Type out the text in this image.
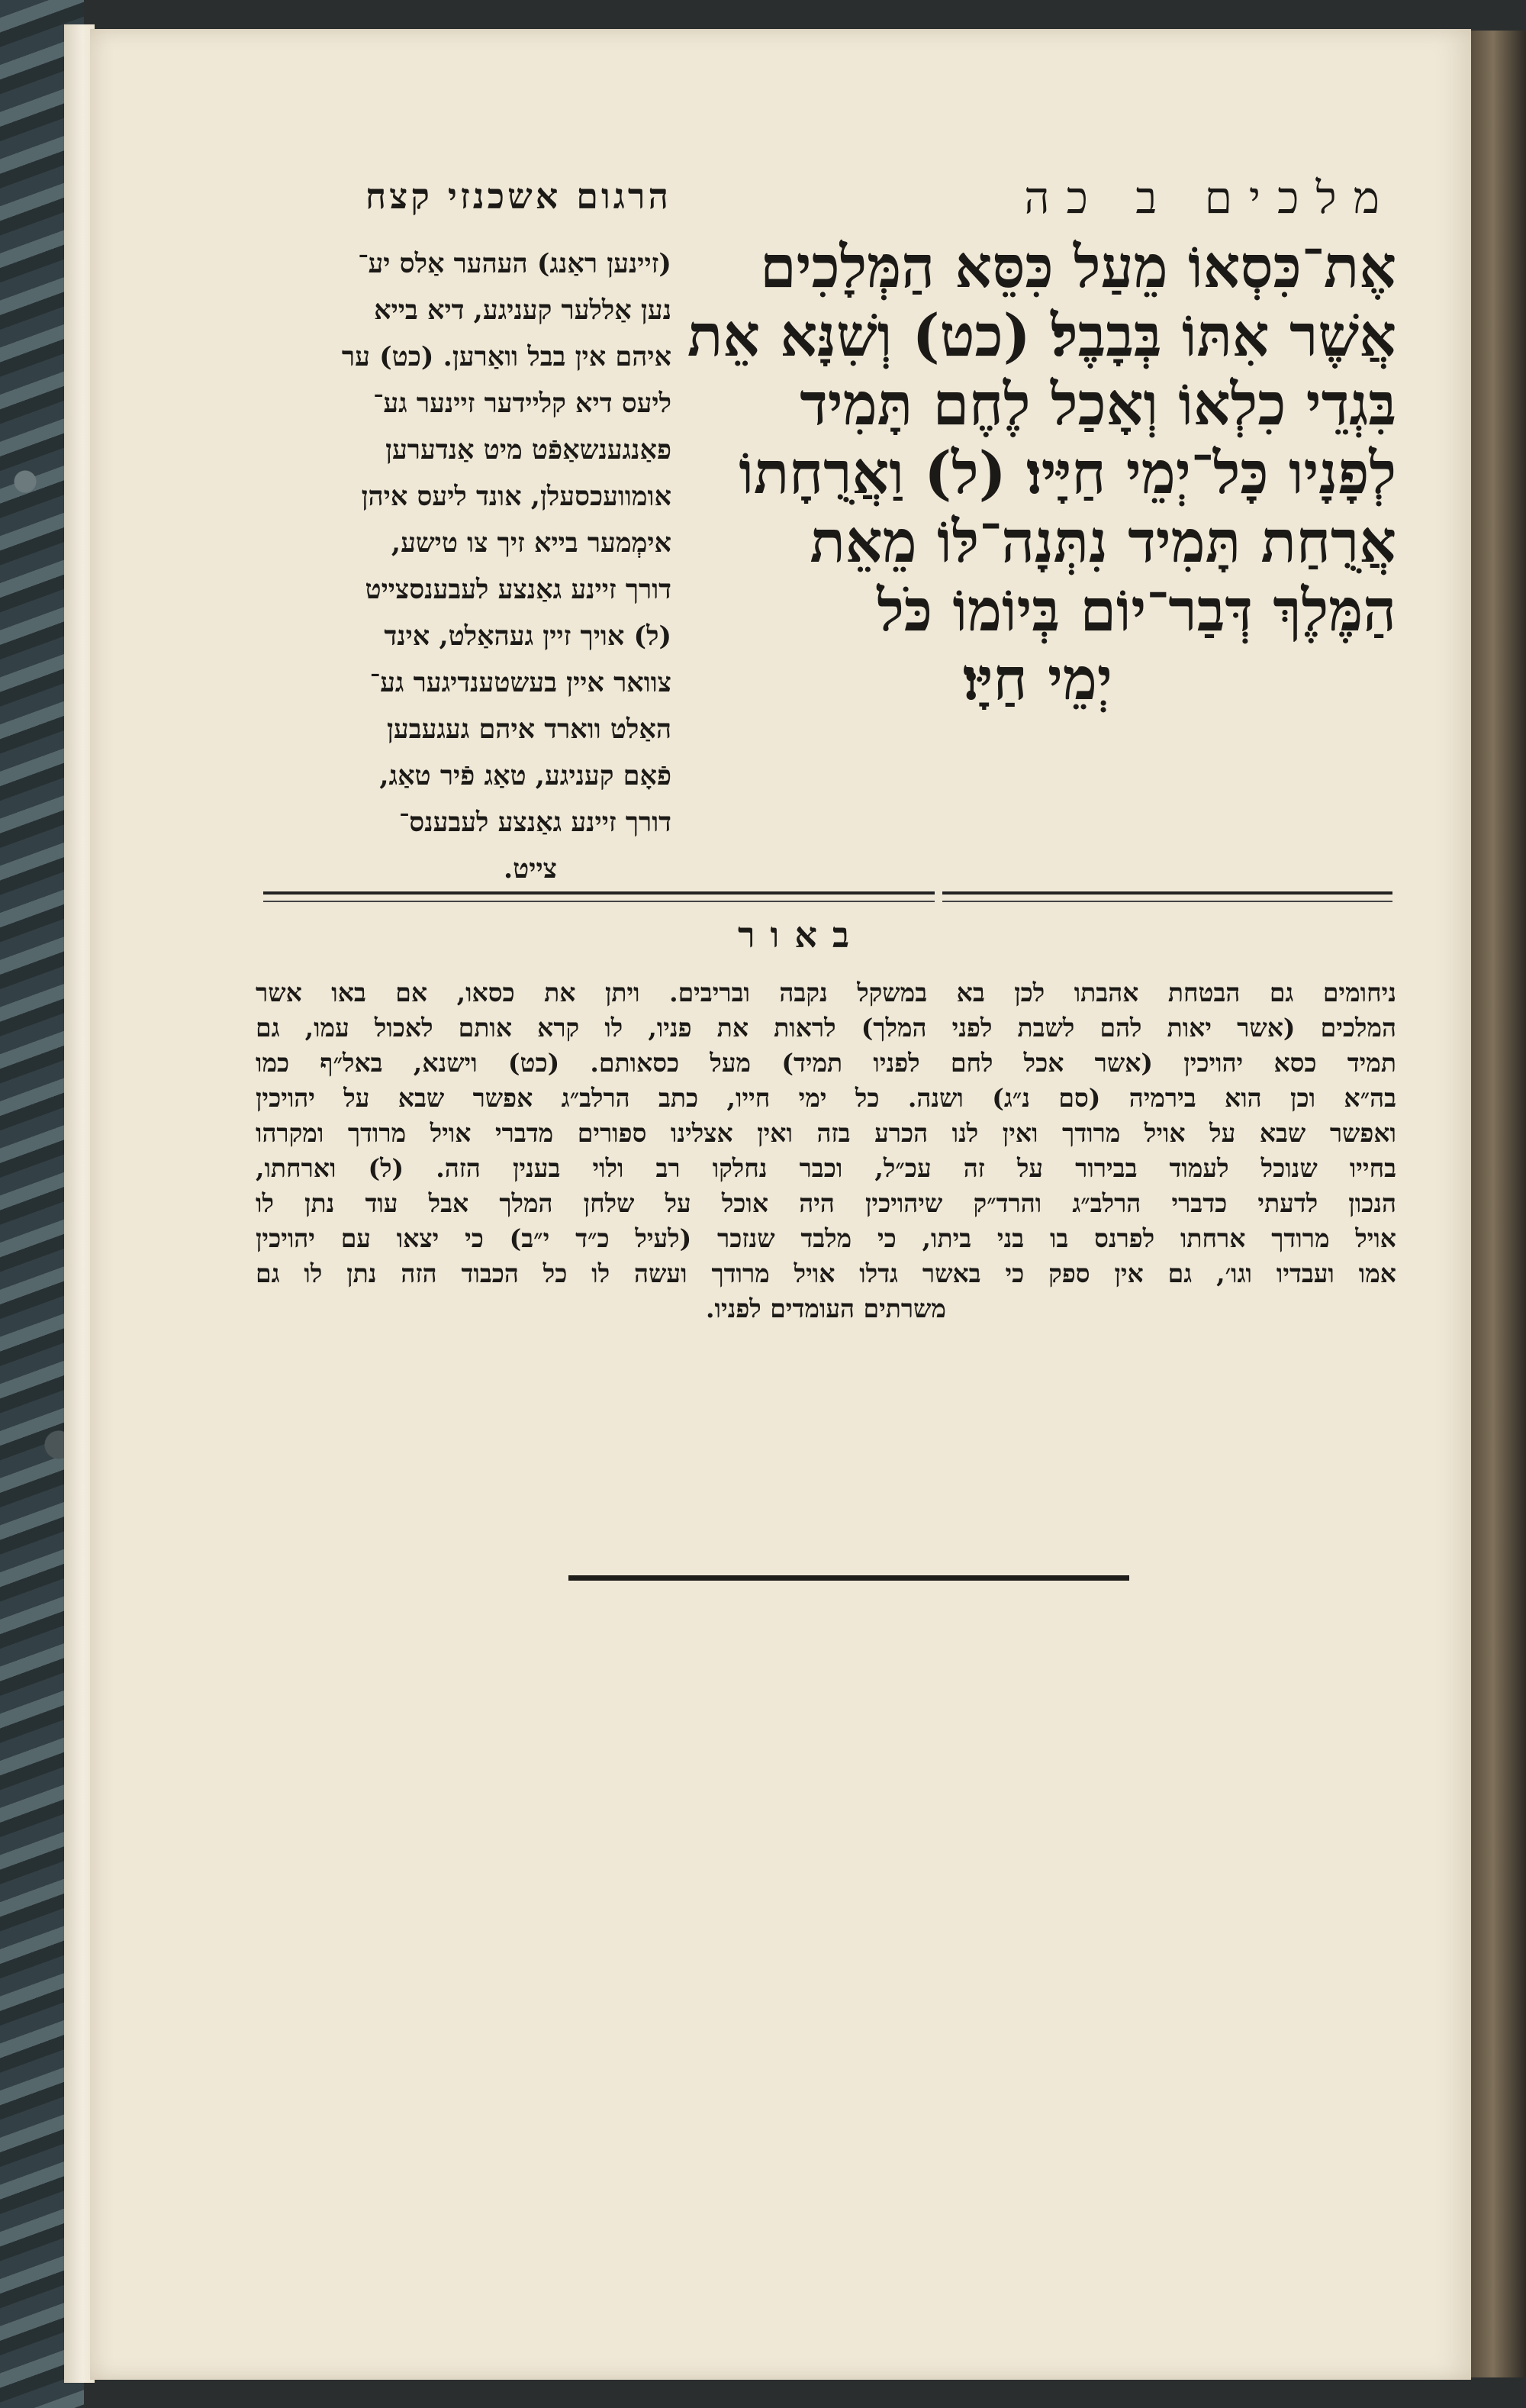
מלכים ב כה
הרגום אשכנזי קצח
אֶת־כִּסְאוֹ מֵעַל כִּסֵּא הַמְּלָכִים
אֲשֶׁר אִתּוֹ בְּבָבֶל׃ (כט) וְשִׁנָּא אֵת
בִּגְדֵי כִלְאוֹ וְאָכַל לֶחֶם תָּמִיד
לְפָנָיו כָּל־יְמֵי חַיָּיו׃ (ל) וַאֲרֻחָתוֹ
אֲרֻחַת תָּמִיד נִתְּנָה־לּוֹ מֵאֵת
הַמֶּלֶךְ דְּבַר־יוֹם בְּיוֹמוֹ כֹּל
יְמֵי חַיָּו׃
(זיינען ראַנג) העהער אַלס יע־
נען אַללער קעניגע, דיא בייא
איהם אין בבל וואַרען. (כט) ער
ליעס דיא קליידער זיינער גע־
פאַנגענשאַפֿט מיט אַנדערען
אומוועכסעלן, אונד ליעס איהן
אימְמער בייא זיך צו טישע,
דורך זיינע גאַנצע לעבענסצייט
(ל) אויך זיין געהאַלט, אינד
צוואר איין בעשטענדיגער גע־
האַלט ווארד איהם געגעבען
פֿאָם קעניגע, טאַג פֿיר טאַג,
דורך זיינע גאַנצע לעבענס־
צייט.
באור
ניחומים גם הבטחת אהבתו לכן בא במשקל נקבה ובריבים. ויתן את כסאו, אם באו אשר
המלכים (אשר יאות להם לשבת לפני המלך) לראות את פניו, לו קרא אותם לאכול עמו, גם
תמיד כסא יהויכין (אשר אכל לחם לפניו תמיד) מעל כסאותם. (כט) וישנא, באל״ף כמו
בה״א וכן הוא בירמיה (סם נ״ג) ושנה. כל ימי חייו, כתב הרלב״ג אפשר שבא על יהויכין
ואפשר שבא על אויל מרודך ואין לנו הכרע בזה ואין אצלינו ספורים מדברי אויל מרודך ומקרהו
בחייו שנוכל לעמוד בבירור על זה עכ״ל, וכבר נחלקו רב ולוי בענין הזה. (ל) וארחתו,
הנכון לדעתי כדברי הרלב״ג והרד״ק שיהויכין היה אוכל על שלחן המלך אבל עוד נתן לו
אויל מרודך ארחתו לפרנס בו בני ביתו, כי מלבד שנזכר (לעיל כ״ד י״ב) כי יצאו עם יהויכין
אמו ועבדיו וגו׳, גם אין ספק כי באשר גדלו אויל מרודך ועשה לו כל הכבוד הזה נתן לו גם
משרתים העומדים לפניו.
